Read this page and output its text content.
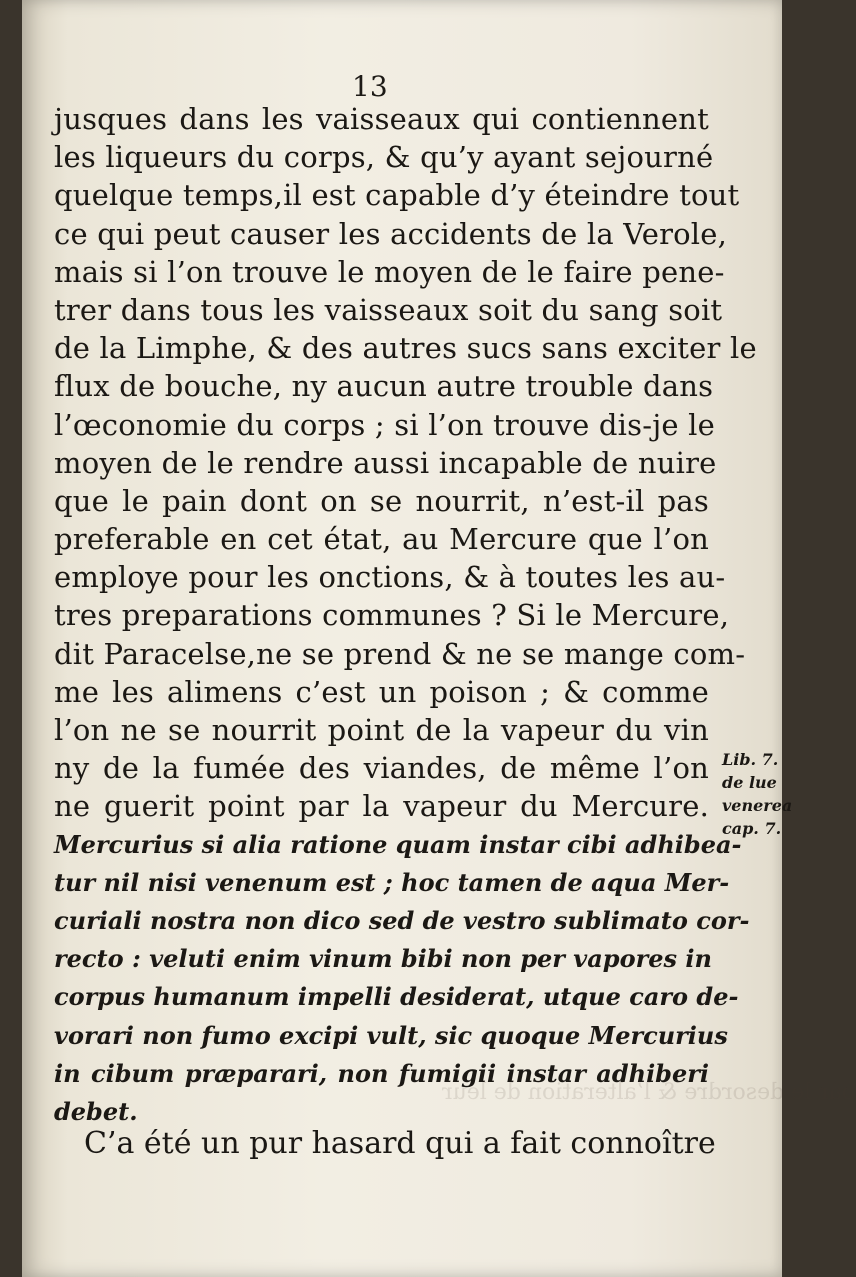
13
jusques dans les vaisseaux qui contiennent
les liqueurs du corps, & qu’y ayant sejourné
quelque temps,il est capable d’y éteindre tout
ce qui peut causer les accidents de la Verole,
mais si l’on trouve le moyen de le faire pene-
trer dans tous les vaisseaux soit du sang soit
de la Limphe, & des autres sucs sans exciter le
flux de bouche, ny aucun autre trouble dans
l’œconomie du corps ; si l’on trouve dis-je le
moyen de le rendre aussi incapable de nuire
que le pain dont on se nourrit, n’est-il pas
preferable en cet état, au Mercure que l’on
employe pour les onctions, & à toutes les au-
tres preparations communes ? Si le Mercure,
dit Paracelse,ne se prend & ne se mange com-
me les alimens c’est un poison ; & comme
l’on ne se nourrit point de la vapeur du vin
ny de la fumée des viandes, de même l’on
ne guerit point par la vapeur du Mercure.
Mercurius si alia ratione quam instar cibi adhibea-
tur nil nisi venenum est ; hoc tamen de aqua Mer-
curiali nostra non dico sed de vestro sublimato cor-
recto : veluti enim vinum bibi non per vapores in
corpus humanum impelli desiderat, utque caro de-
vorari non fumo excipi vult, sic quoque Mercurius
in cibum præparari, non fumigii instar adhiberi
debet.
par le desordre & l’alteration de leur
C’a été un pur hasard qui a fait connoître
Lib. 7.
de lue
venerea
cap. 7.
